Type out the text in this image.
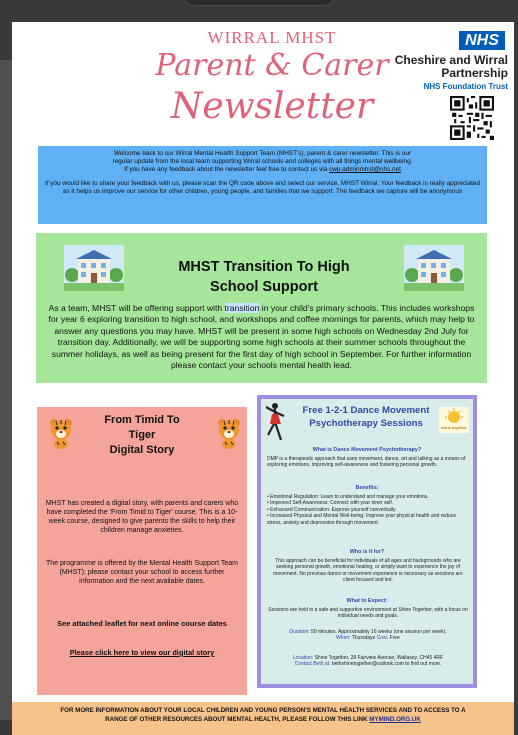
WIRRAL MHST
Parent & Carer
Newsletter
NHS
Cheshire and Wirral
Partnership
NHS Foundation Trust

Welcome back to our Wirral Mental Health Support Team (MHST's), parent & carer newsletter. This is our
regular update from the local team supporting Wirral schools and colleges with all things mental wellbeing.
If you have any feedback about the newsletter feel free to contact us via cwp.adminmhst@nhs.net

If you would like to share your feedback with us, please scan the QR code above and select our service, MHST Wirral. Your feedback is really appreciated as it helps us improve our service for other children, young people, and families that we support. The feedback we capture will be anonymous

MHST Transition To High
School Support
As a team, MHST will be offering support with transition in your child's primary schools. This includes workshops for year 6 exploring transition to high school, and workshops and coffee mornings for parents, which may help to answer any questions you may have. MHST will be present in some high schools on Wednesday 2nd July for transition day. Additionally, we will be supporting some high schools at their summer schools throughout the summer holidays, as well as being present for the first day of high school in September. For further information please contact your schools mental health lead.
From Timid To
Tiger
Digital Story
MHST has created a digital story, with parents and carers who have completed the 'From Timid to Tiger' course. This is a 10-week course, designed to give parents the skills to help their children manage anxieties.
The programme is offered by the Mental Health Support Team (MHST); please contact your school to access further information and the next available dates.
See attached leaflet for next online course dates
Please click here to view our digital story
shine together
Free 1-2-1 Dance Movement
Psychotherapy Sessions
What is Dance Movement Psychotherapy?
DMP is a therapeutic approach that uses movement, dance, art and talking as a means of exploring emotions, improving self-awareness and fostering personal growth.
Benefits:
• Emotional Regulation: Learn to understand and manage your emotions.
• Improved Self-Awareness: Connect with your inner self.
• Enhanced Communication: Express yourself nonverbally.
• Increased Physical and Mental Well-being: Improve your physical health and reduce stress, anxiety and depression through movement.
Who is it for?
This approach can be beneficial for individuals of all ages and backgrounds who are seeking personal growth, emotional healing, or simply want to experience the joy of movement. No previous dance or movement experience is necessary as sessions are client focused and led.
What to Expect:
Sessions are held in a safe and supportive environment at Shine Together, with a focus on individual needs and goals.
Duration: 50 minutes. Approximately 16 weeks (one session per week).
When: Thursdays Cost: Free
Location: Shine Together, 28 Fairview Avenue, Wallasey, CH45 4RF
Contact Beth at: bethshinetogether@outlook.com to find out more.
FOR MORE INFORMATION ABOUT YOUR LOCAL CHILDREN AND YOUNG PERSON'S MENTAL HEALTH SERVICES AND TO ACCESS TO A
RANGE OF OTHER RESOURCES ABOUT MENTAL HEALTH, PLEASE FOLLOW THIS LINK MYMIND.ORG.UK
